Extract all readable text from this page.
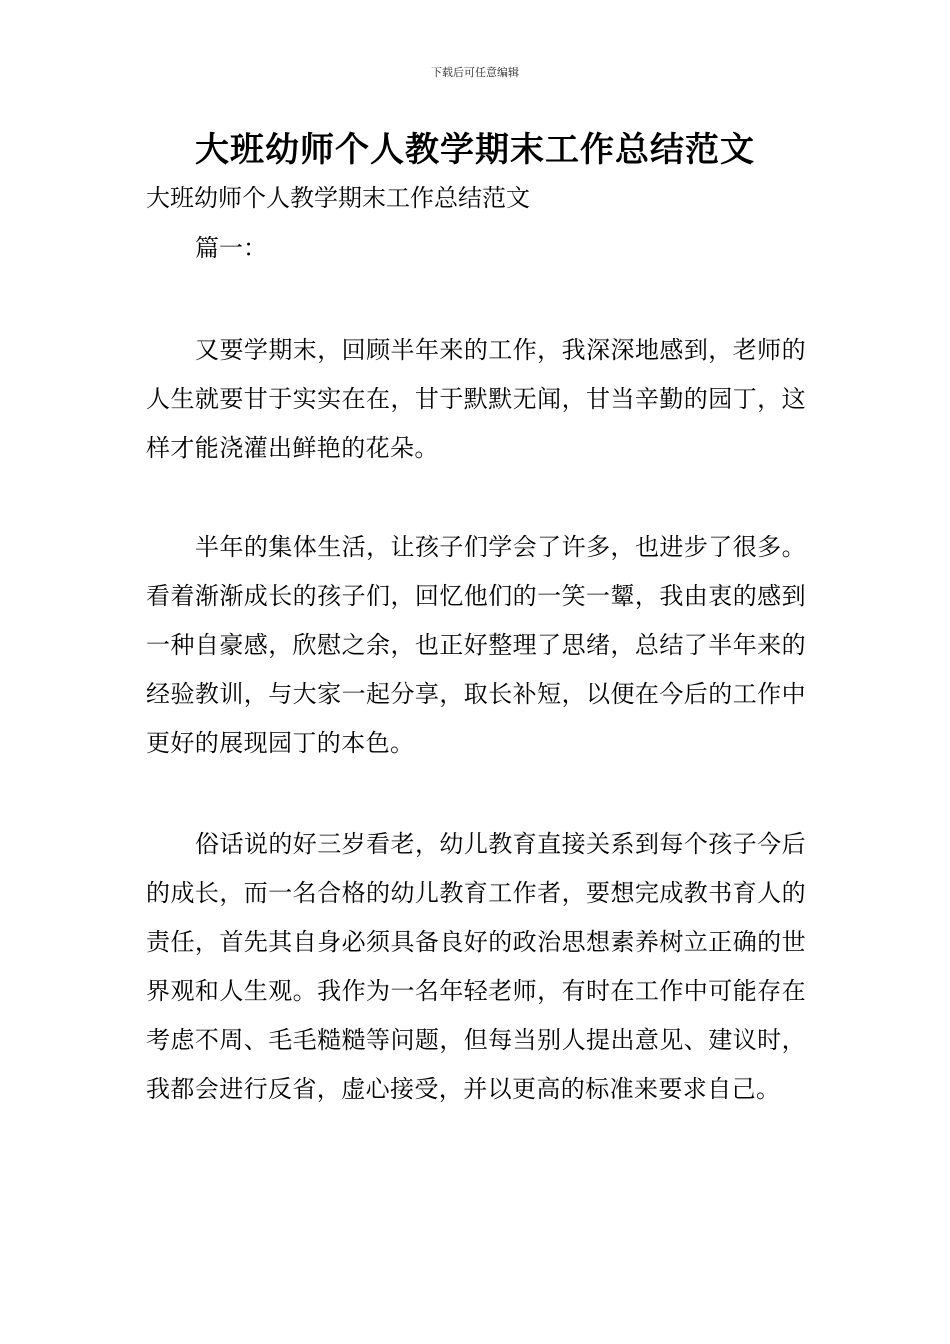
下载后可任意编辑
大班幼师个人教学期末工作总结范文
大班幼师个人教学期末工作总结范文
篇一：

又要学期末，回顾半年来的工作，我深深地感到，老师的人生就要甘于实实在在，甘于默默无闻，甘当辛勤的园丁，这样才能浇灌出鲜艳的花朵。

半年的集体生活，让孩子们学会了许多，也进步了很多。看着渐渐成长的孩子们，回忆他们的一笑一颦，我由衷的感到一种自豪感，欣慰之余，也正好整理了思绪，总结了半年来的经验教训，与大家一起分享，取长补短，以便在今后的工作中更好的展现园丁的本色。

俗话说的好三岁看老，幼儿教育直接关系到每个孩子今后的成长，而一名合格的幼儿教育工作者，要想完成教书育人的责任，首先其自身必须具备良好的政治思想素养树立正确的世界观和人生观。我作为一名年轻老师，有时在工作中可能存在考虑不周、毛毛糙糙等问题，但每当别人提出意见、建议时，我都会进行反省，虚心接受，并以更高的标准来要求自己。
